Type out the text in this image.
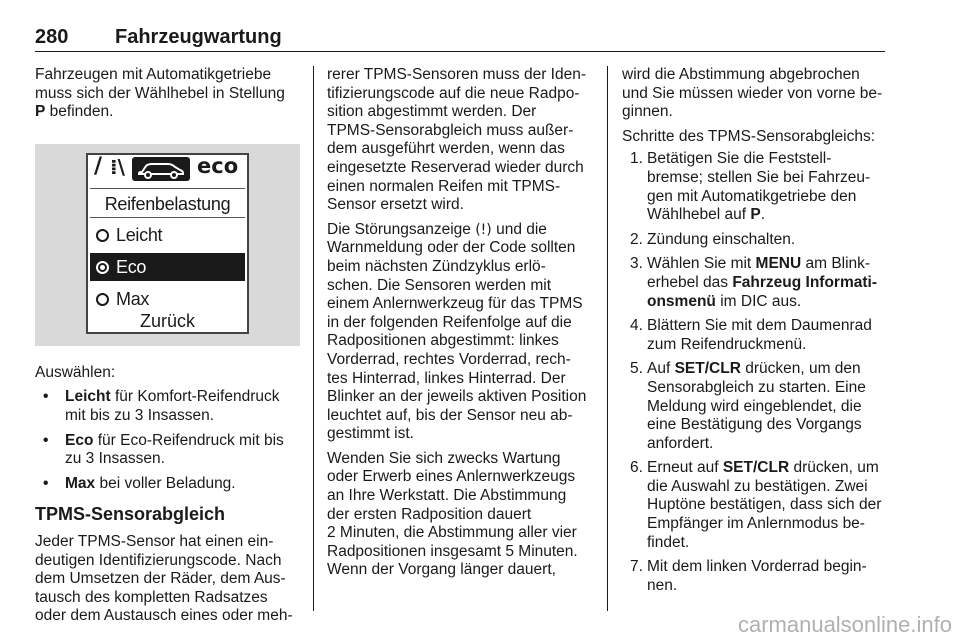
280 Fahrzeugwartung
Fahrzeugen mit Automatikgetriebe
muss sich der Wählhebel in Stellung
P befinden.
/ ⁞\	eco
Reifenbelastung
Leicht
Eco
Max
Zurück
Auswählen:
• Leicht für Komfort-Reifendruck
mit bis zu 3 Insassen.
• Eco für Eco-Reifendruck mit bis
zu 3 Insassen.
• Max bei voller Beladung.
TPMS-Sensorabgleich
Jeder TPMS-Sensor hat einen ein-
deutigen Identifizierungscode. Nach
dem Umsetzen der Räder, dem Aus-
tausch des kompletten Radsatzes
oder dem Austausch eines oder meh-
rerer TPMS-Sensoren muss der Iden-
tifizierungscode auf die neue Radpo-
sition abgestimmt werden. Der
TPMS-Sensorabgleich muss außer-
dem ausgeführt werden, wenn das
eingesetzte Reserverad wieder durch
einen normalen Reifen mit TPMS-
Sensor ersetzt wird.
Die Störungsanzeige (!) und die
Warnmeldung oder der Code sollten
beim nächsten Zündzyklus erlö-
schen. Die Sensoren werden mit
einem Anlernwerkzeug für das TPMS
in der folgenden Reifenfolge auf die
Radpositionen abgestimmt: linkes
Vorderrad, rechtes Vorderrad, rech-
tes Hinterrad, linkes Hinterrad. Der
Blinker an der jeweils aktiven Position
leuchtet auf, bis der Sensor neu ab-
gestimmt ist.
Wenden Sie sich zwecks Wartung
oder Erwerb eines Anlernwerkzeugs
an Ihre Werkstatt. Die Abstimmung
der ersten Radposition dauert
2 Minuten, die Abstimmung aller vier
Radpositionen insgesamt 5 Minuten.
Wenn der Vorgang länger dauert,
wird die Abstimmung abgebrochen
und Sie müssen wieder von vorne be-
ginnen.
Schritte des TPMS-Sensorabgleichs:
1. Betätigen Sie die Feststell-
bremse; stellen Sie bei Fahrzeu-
gen mit Automatikgetriebe den
Wählhebel auf P.
2. Zündung einschalten.
3. Wählen Sie mit MENU am Blink-
erhebel das Fahrzeug Informati-
onsmenü im DIC aus.
4. Blättern Sie mit dem Daumenrad
zum Reifendruckmenü.
5. Auf SET/CLR drücken, um den
Sensorabgleich zu starten. Eine
Meldung wird eingeblendet, die
eine Bestätigung des Vorgangs
anfordert.
6. Erneut auf SET/CLR drücken, um
die Auswahl zu bestätigen. Zwei
Huptöne bestätigen, dass sich der
Empfänger im Anlernmodus be-
findet.
7. Mit dem linken Vorderrad begin-
nen.
carmanualsonline.info
